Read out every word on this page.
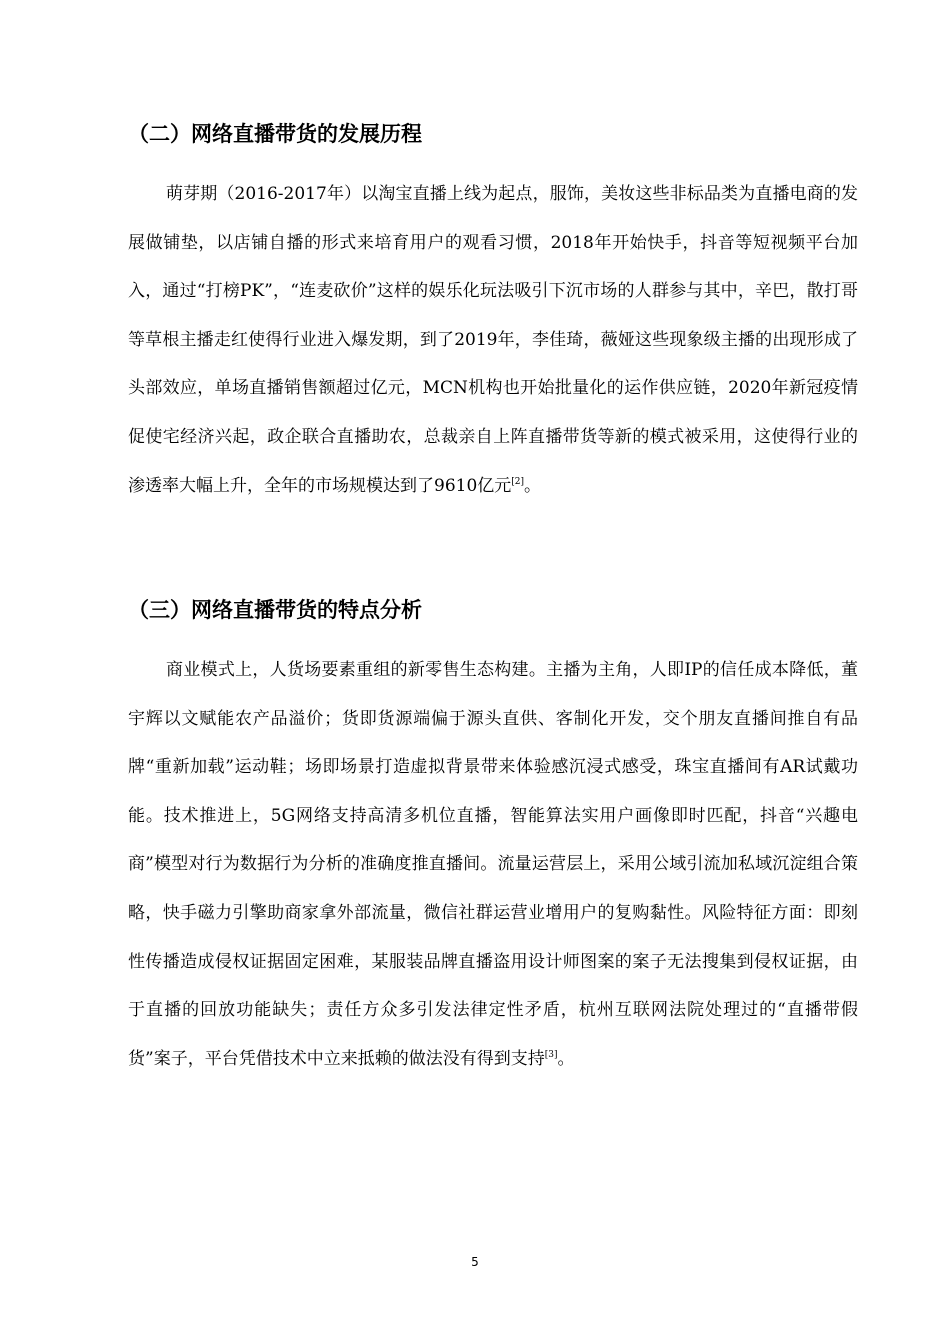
（二）网络直播带货的发展历程

萌芽期（2016-2017年）以淘宝直播上线为起点，服饰，美妆这些非标品类为直播电商的发展做铺垫，以店铺自播的形式来培育用户的观看习惯，2018年开始快手，抖音等短视频平台加入，通过“打榜PK”，“连麦砍价”这样的娱乐化玩法吸引下沉市场的人群参与其中，辛巴，散打哥等草根主播走红使得行业进入爆发期，到了2019年，李佳琦，薇娅这些现象级主播的出现形成了头部效应，单场直播销售额超过亿元，MCN机构也开始批量化的运作供应链，2020年新冠疫情促使宅经济兴起，政企联合直播助农，总裁亲自上阵直播带货等新的模式被采用，这使得行业的渗透率大幅上升，全年的市场规模达到了9610亿元[2]。

（三）网络直播带货的特点分析

商业模式上，人货场要素重组的新零售生态构建。主播为主角，人即IP的信任成本降低，董宇辉以文赋能农产品溢价；货即货源端偏于源头直供、客制化开发，交个朋友直播间推自有品牌“重新加载”运动鞋；场即场景打造虚拟背景带来体验感沉浸式感受，珠宝直播间有AR试戴功能。技术推进上，5G网络支持高清多机位直播，智能算法实用户画像即时匹配，抖音“兴趣电商”模型对行为数据行为分析的准确度推直播间。流量运营层上，采用公域引流加私域沉淀组合策略，快手磁力引擎助商家拿外部流量，微信社群运营业增用户的复购黏性。风险特征方面：即刻性传播造成侵权证据固定困难，某服装品牌直播盗用设计师图案的案子无法搜集到侵权证据，由于直播的回放功能缺失；责任方众多引发法律定性矛盾，杭州互联网法院处理过的“直播带假货”案子，平台凭借技术中立来抵赖的做法没有得到支持[3]。

5
